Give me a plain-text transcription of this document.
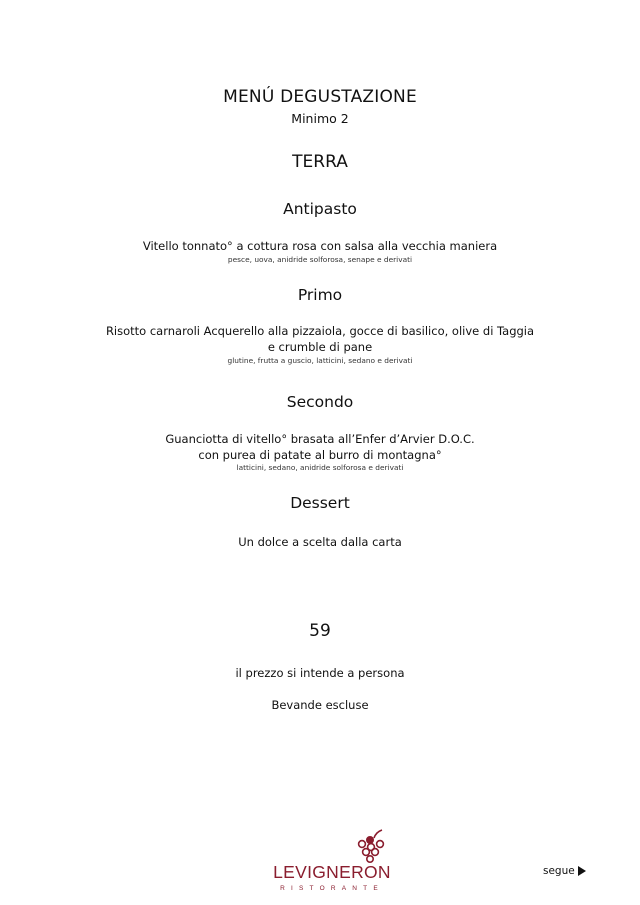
MENÚ DEGUSTAZIONE
Minimo 2
TERRA
Antipasto
Vitello tonnato° a cottura rosa con salsa alla vecchia maniera
pesce, uova, anidride solforosa, senape e derivati
Primo
Risotto carnaroli Acquerello alla pizzaiola, gocce di basilico, olive di Taggia
e crumble di pane
glutine, frutta a guscio, latticini, sedano e derivati
Secondo
Guanciotta di vitello° brasata all’Enfer d’Arvier D.O.C.
con purea di patate al burro di montagna°
latticini, sedano, anidride solforosa e derivati
Dessert
Un dolce a scelta dalla carta
59
il prezzo si intende a persona
Bevande escluse
LEVIGNERON
RISTORANTE
segue
